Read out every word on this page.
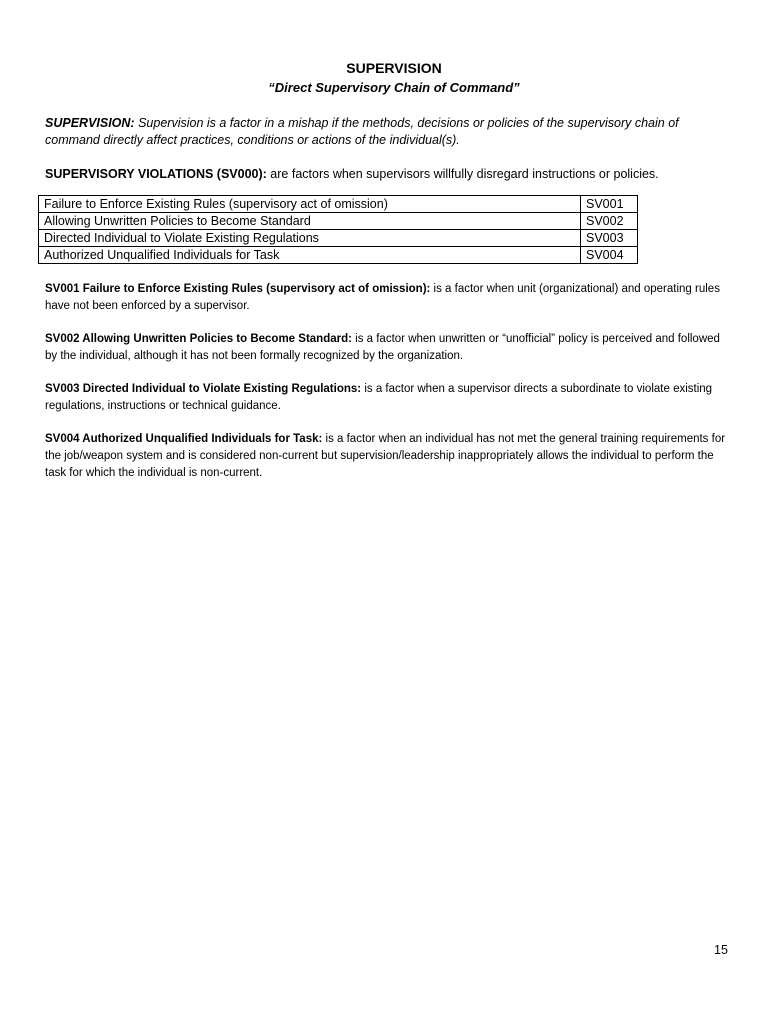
SUPERVISION

“Direct Supervisory Chain of Command”

SUPERVISION: Supervision is a factor in a mishap if the methods, decisions or policies of the supervisory chain of command directly affect practices, conditions or actions of the individual(s).

SUPERVISORY VIOLATIONS (SV000): are factors when supervisors willfully disregard instructions or policies.

Failure to Enforce Existing Rules (supervisory act of omission)	SV001
Allowing Unwritten Policies to Become Standard	SV002
Directed Individual to Violate Existing Regulations	SV003
Authorized Unqualified Individuals for Task	SV004

SV001 Failure to Enforce Existing Rules (supervisory act of omission): is a factor when unit (organizational) and operating rules have not been enforced by a supervisor.

SV002 Allowing Unwritten Policies to Become Standard: is a factor when unwritten or “unofficial” policy is perceived and followed by the individual, although it has not been formally recognized by the organization.

SV003 Directed Individual to Violate Existing Regulations: is a factor when a supervisor directs a subordinate to violate existing regulations, instructions or technical guidance.

SV004 Authorized Unqualified Individuals for Task: is a factor when an individual has not met the general training requirements for the job/weapon system and is considered non-current but supervision/leadership inappropriately allows the individual to perform the task for which the individual is non-current.

15
